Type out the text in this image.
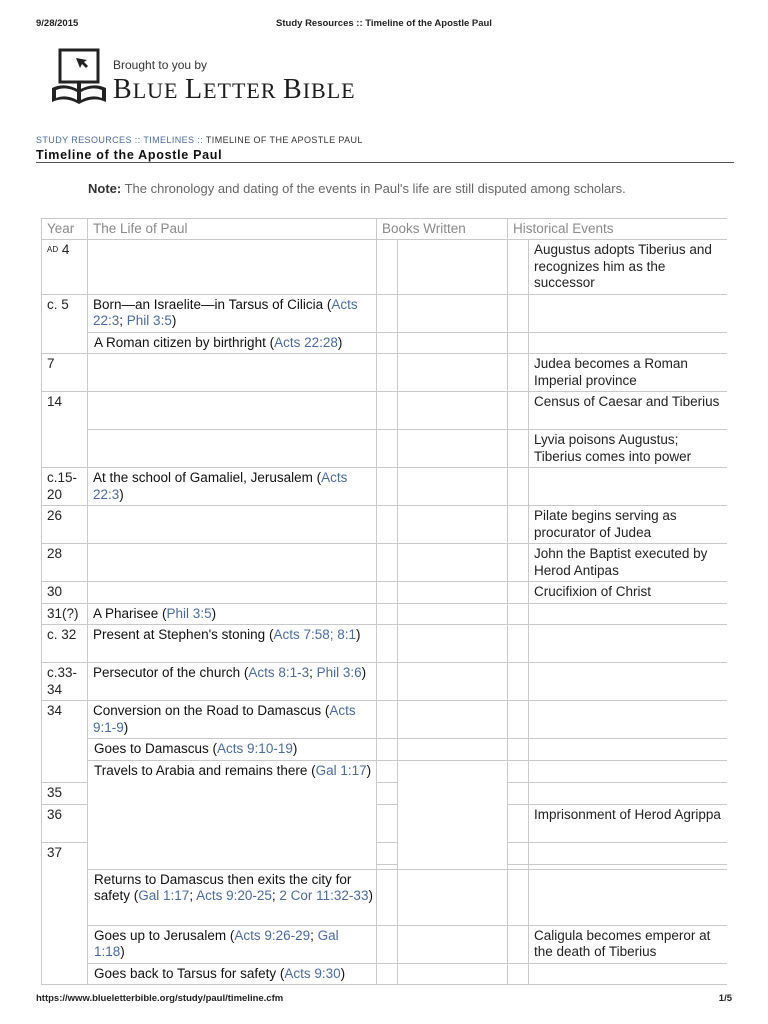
9/28/2015	Study Resources :: Timeline of the Apostle Paul
Brought to you by
BLUE LETTER BIBLE
STUDY RESOURCES :: TIMELINES :: TIMELINE OF THE APOSTLE PAUL
Timeline of the Apostle Paul
Note: The chronology and dating of the events in Paul's life are still disputed among scholars.
Year	The Life of Paul	Books Written		Historical Events	
$^{AD}$ 4					Augustus adopts Tiberius and recognizes him as the successor
c. 5	Born—an Israelite—in Tarsus of Cilicia (Acts 22:3; Phil 3:5)				
	A Roman citizen by birthright (Acts 22:28)				
7					Judea becomes a Roman Imperial province
14					Census of Caesar and Tiberius
					Lyvia poisons Augustus; Tiberius comes into power
c.15-20	At the school of Gamaliel, Jerusalem (Acts 22:3)				
26					Pilate begins serving as procurator of Judea
28					John the Baptist executed by Herod Antipas
30					Crucifixion of Christ
31(?)	A Pharisee (Phil 3:5)				
c. 32	Present at Stephen's stoning (Acts 7:58; 8:1)				
c.33-34	Persecutor of the church (Acts 8:1-3; Phil 3:6)				
34	Conversion on the Road to Damascus (Acts 9:1-9)				
	Goes to Damascus (Acts 9:10-19)				
	Travels to Arabia and remains there (Gal 1:17)				
35					
36					Imprisonment of Herod Agrippa
37					

	Returns to Damascus then exits the city for safety (Gal 1:17; Acts 9:20-25; 2 Cor 11:32-33)				
	Goes up to Jerusalem (Acts 9:26-29; Gal 1:18)				Caligula becomes emperor at the death of Tiberius
	Goes back to Tarsus for safety (Acts 9:30)				
https://www.blueletterbible.org/study/paul/timeline.cfm	1/5
